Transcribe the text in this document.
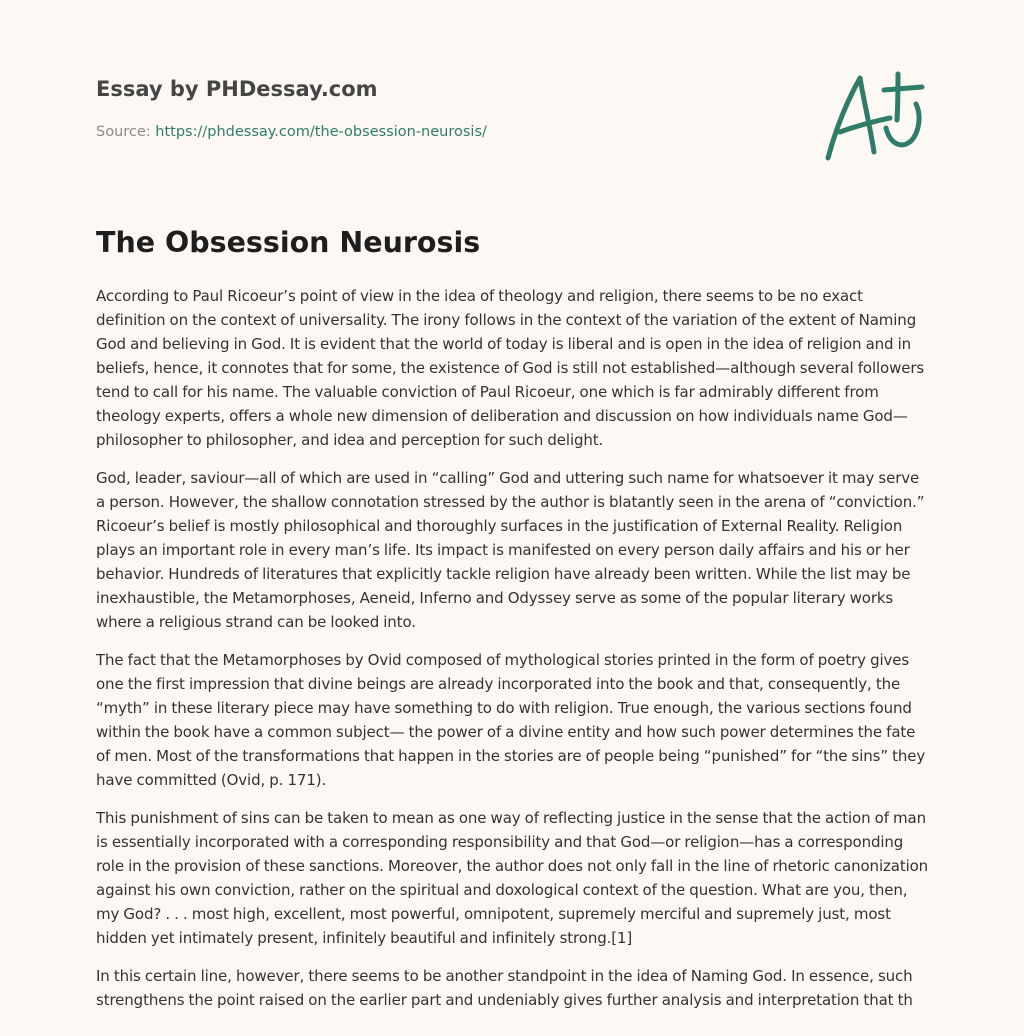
Essay by PHDessay.com
Source: https://phdessay.com/the-obsession-neurosis/
The Obsession Neurosis

According to Paul Ricoeur’s point of view in the idea of theology and religion, there seems to be no exact definition on the context of universality. The irony follows in the context of the variation of the extent of Naming God and believing in God. It is evident that the world of today is liberal and is open in the idea of religion and in beliefs, hence, it connotes that for some, the existence of God is still not established—although several followers tend to call for his name. The valuable conviction of Paul Ricoeur, one which is far admirably different from theology experts, offers a whole new dimension of deliberation and discussion on how individuals name God—philosopher to philosopher, and idea and perception for such delight.

God, leader, saviour—all of which are used in “calling” God and uttering such name for whatsoever it may serve a person. However, the shallow connotation stressed by the author is blatantly seen in the arena of “conviction.” Ricoeur’s belief is mostly philosophical and thoroughly surfaces in the justification of External Reality. Religion plays an important role in every man’s life. Its impact is manifested on every person daily affairs and his or her behavior. Hundreds of literatures that explicitly tackle religion have already been written. While the list may be inexhaustible, the Metamorphoses, Aeneid, Inferno and Odyssey serve as some of the popular literary works where a religious strand can be looked into.

The fact that the Metamorphoses by Ovid composed of mythological stories printed in the form of poetry gives one the first impression that divine beings are already incorporated into the book and that, consequently, the “myth” in these literary piece may have something to do with religion. True enough, the various sections found within the book have a common subject— the power of a divine entity and how such power determines the fate of men. Most of the transformations that happen in the stories are of people being “punished” for “the sins” they have committed (Ovid, p. 171).

This punishment of sins can be taken to mean as one way of reflecting justice in the sense that the action of man is essentially incorporated with a corresponding responsibility and that God—or religion—has a corresponding role in the provision of these sanctions. Moreover, the author does not only fall in the line of rhetoric canonization against his own conviction, rather on the spiritual and doxological context of the question. What are you, then, my God? . . . most high, excellent, most powerful, omnipotent, supremely merciful and supremely just, most hidden yet intimately present, infinitely beautiful and infinitely strong.[1]

In this certain line, however, there seems to be another standpoint in the idea of Naming God. In essence, such strengthens the point raised on the earlier part and undeniably gives further analysis and interpretation that th
